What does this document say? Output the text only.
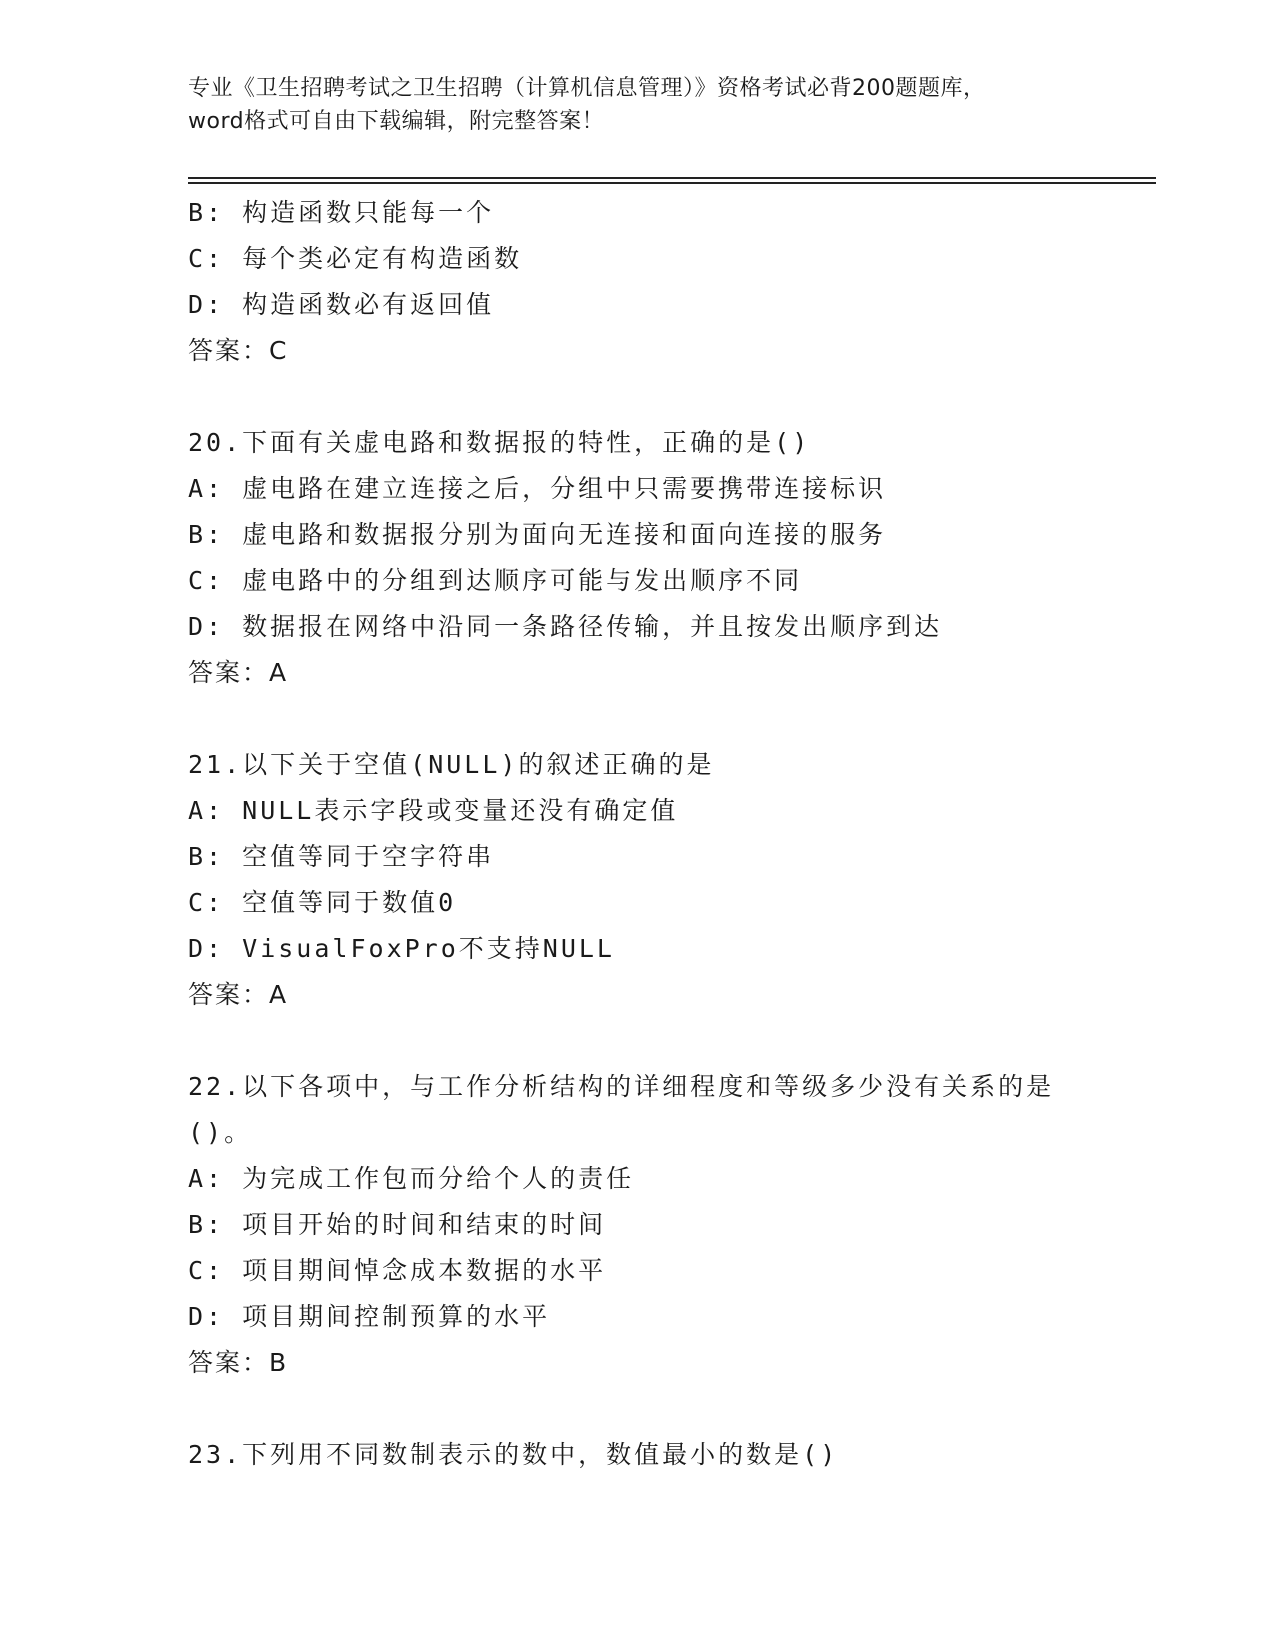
专业《卫生招聘考试之卫生招聘（计算机信息管理）》资格考试必背200题题库，
word格式可自由下载编辑，附完整答案！
B: 构造函数只能每一个
C: 每个类必定有构造函数
D: 构造函数必有返回值
答案：C
20.下面有关虚电路和数据报的特性，正确的是()
A: 虚电路在建立连接之后，分组中只需要携带连接标识
B: 虚电路和数据报分别为面向无连接和面向连接的服务
C: 虚电路中的分组到达顺序可能与发出顺序不同
D: 数据报在网络中沿同一条路径传输，并且按发出顺序到达
答案：A
21.以下关于空值(NULL)的叙述正确的是
A: NULL表示字段或变量还没有确定值
B: 空值等同于空字符串
C: 空值等同于数值0
D: VisualFoxPro不支持NULL
答案：A
22.以下各项中，与工作分析结构的详细程度和等级多少没有关系的是
()。
A: 为完成工作包而分给个人的责任
B: 项目开始的时间和结束的时间
C: 项目期间悼念成本数据的水平
D: 项目期间控制预算的水平
答案：B
23.下列用不同数制表示的数中，数值最小的数是()
